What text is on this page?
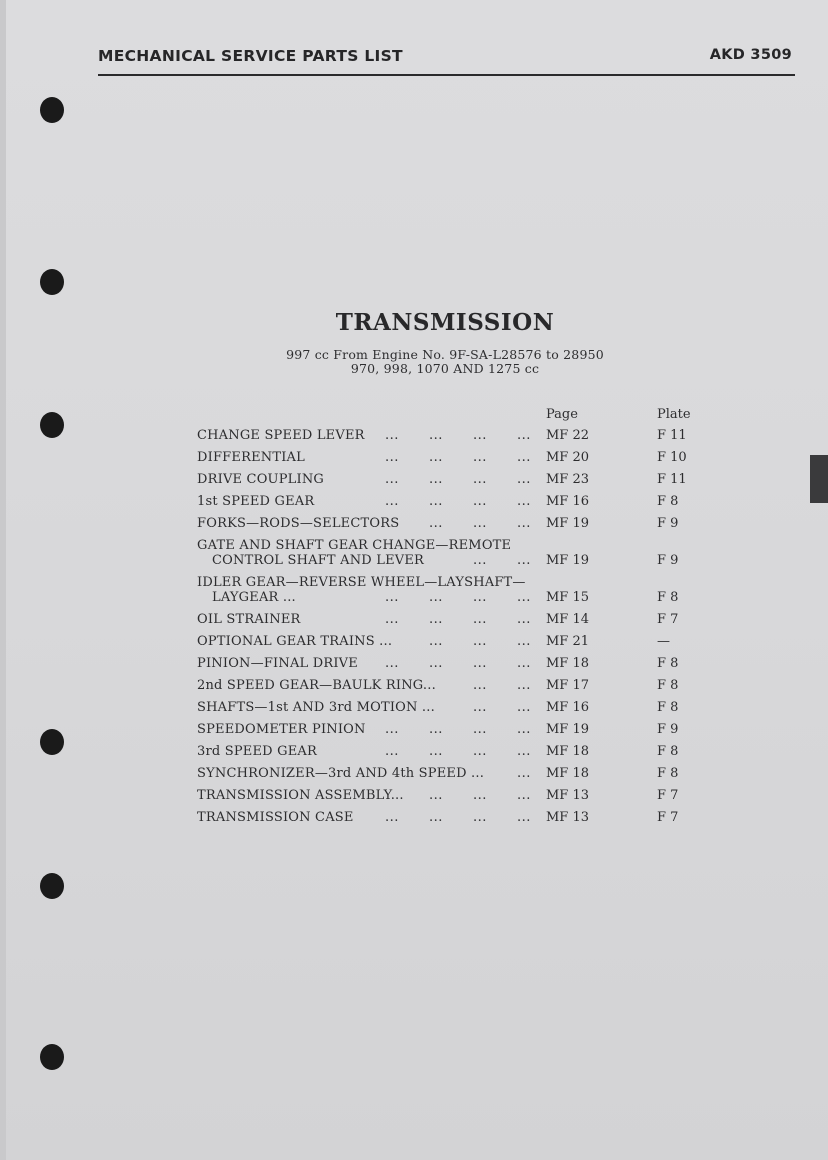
MECHANICAL SERVICE PARTS LIST	AKD 3509
TRANSMISSION
997 cc From Engine No. 9F-SA-L28576 to 28950
970, 998, 1070 AND 1275 cc
Page	Plate
CHANGE SPEED LEVER	MF 22	F 11
... ... ... ...
DIFFERENTIAL	MF 20	F 10
... ... ... ...
DRIVE COUPLING	MF 23	F 11
... ... ... ...
1st SPEED GEAR	MF 16	F 8
... ... ... ...
FORKS—RODS—SELECTORS	MF 19	F 9
... ... ...
GATE AND SHAFT GEAR CHANGE—REMOTE
CONTROL SHAFT AND LEVER	MF 19	F 9
... ...
IDLER GEAR—REVERSE WHEEL—LAYSHAFT—
LAYGEAR ...	MF 15	F 8
... ... ... ...
OIL STRAINER	MF 14	F 7
... ... ... ...
OPTIONAL GEAR TRAINS ...	MF 21	—
... ... ...
PINION—FINAL DRIVE	MF 18	F 8
... ... ... ...
2nd SPEED GEAR—BAULK RING...	MF 17	F 8
... ...
SHAFTS—1st AND 3rd MOTION ...	MF 16	F 8
... ...
SPEEDOMETER PINION	MF 19	F 9
... ... ... ...
3rd SPEED GEAR	MF 18	F 8
... ... ... ...
SYNCHRONIZER—3rd AND 4th SPEED ...	MF 18	F 8
...
TRANSMISSION ASSEMBLY...	MF 13	F 7
... ... ...
TRANSMISSION CASE	MF 13	F 7
... ... ... ...
